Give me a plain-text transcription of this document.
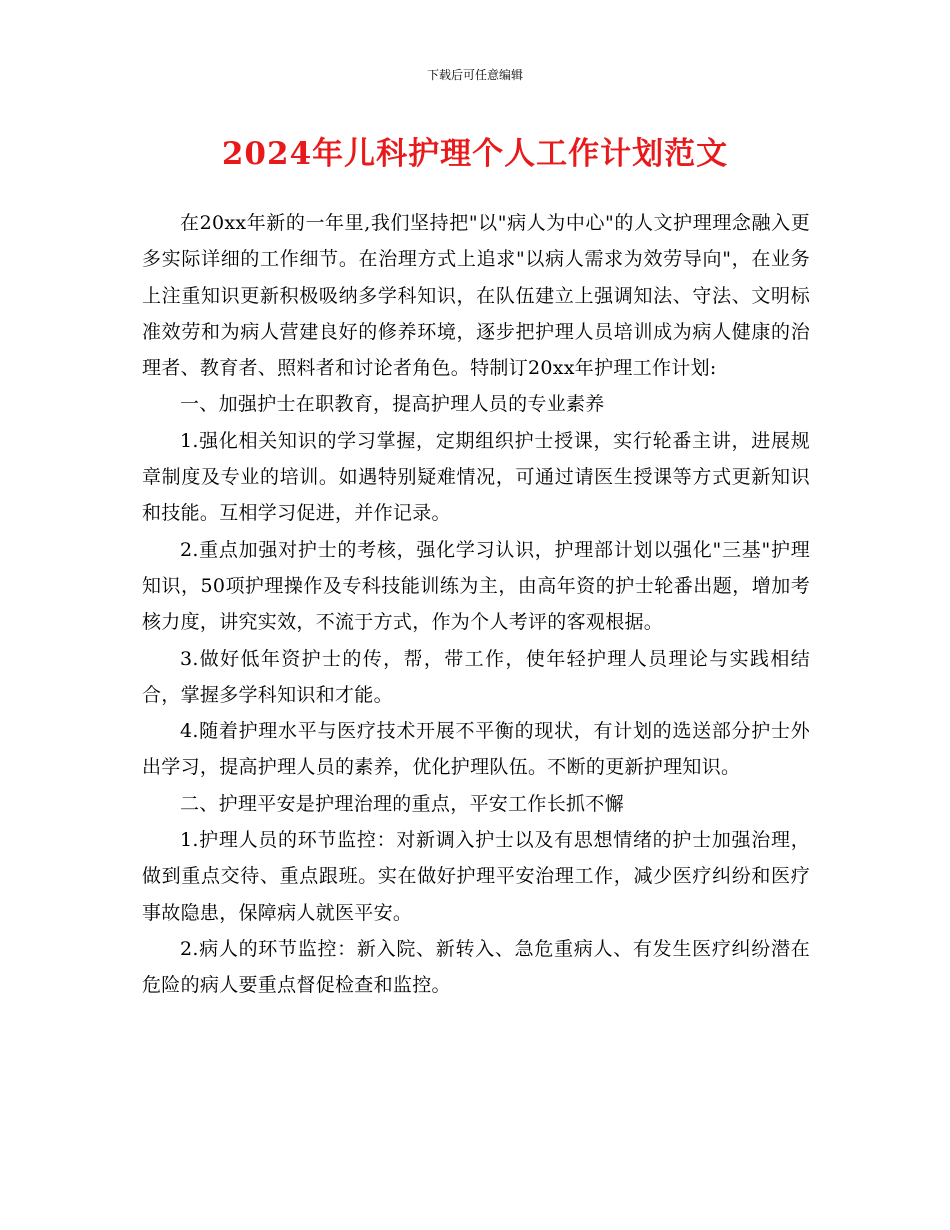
下载后可任意编辑
2024年儿科护理个人工作计划范文

在20xx年新的一年里,我们坚持把"以"病人为中心"的人文护理理念融入更多实际详细的工作细节。在治理方式上追求"以病人需求为效劳导向"，在业务上注重知识更新积极吸纳多学科知识，在队伍建立上强调知法、守法、文明标准效劳和为病人营建良好的修养环境，逐步把护理人员培训成为病人健康的治理者、教育者、照料者和讨论者角色。特制订20xx年护理工作计划:

一、加强护士在职教育，提高护理人员的专业素养

1.强化相关知识的学习掌握，定期组织护士授课，实行轮番主讲，进展规章制度及专业的培训。如遇特别疑难情况，可通过请医生授课等方式更新知识和技能。互相学习促进，并作记录。

2.重点加强对护士的考核，强化学习认识，护理部计划以强化"三基"护理知识，50项护理操作及专科技能训练为主，由高年资的护士轮番出题，增加考核力度，讲究实效，不流于方式，作为个人考评的客观根据。

3.做好低年资护士的传，帮，带工作，使年轻护理人员理论与实践相结合，掌握多学科知识和才能。

4.随着护理水平与医疗技术开展不平衡的现状，有计划的选送部分护士外出学习，提高护理人员的素养，优化护理队伍。不断的更新护理知识。

二、护理平安是护理治理的重点，平安工作长抓不懈

1.护理人员的环节监控：对新调入护士以及有思想情绪的护士加强治理，做到重点交待、重点跟班。实在做好护理平安治理工作，减少医疗纠纷和医疗事故隐患，保障病人就医平安。

2.病人的环节监控：新入院、新转入、急危重病人、有发生医疗纠纷潜在危险的病人要重点督促检查和监控。
